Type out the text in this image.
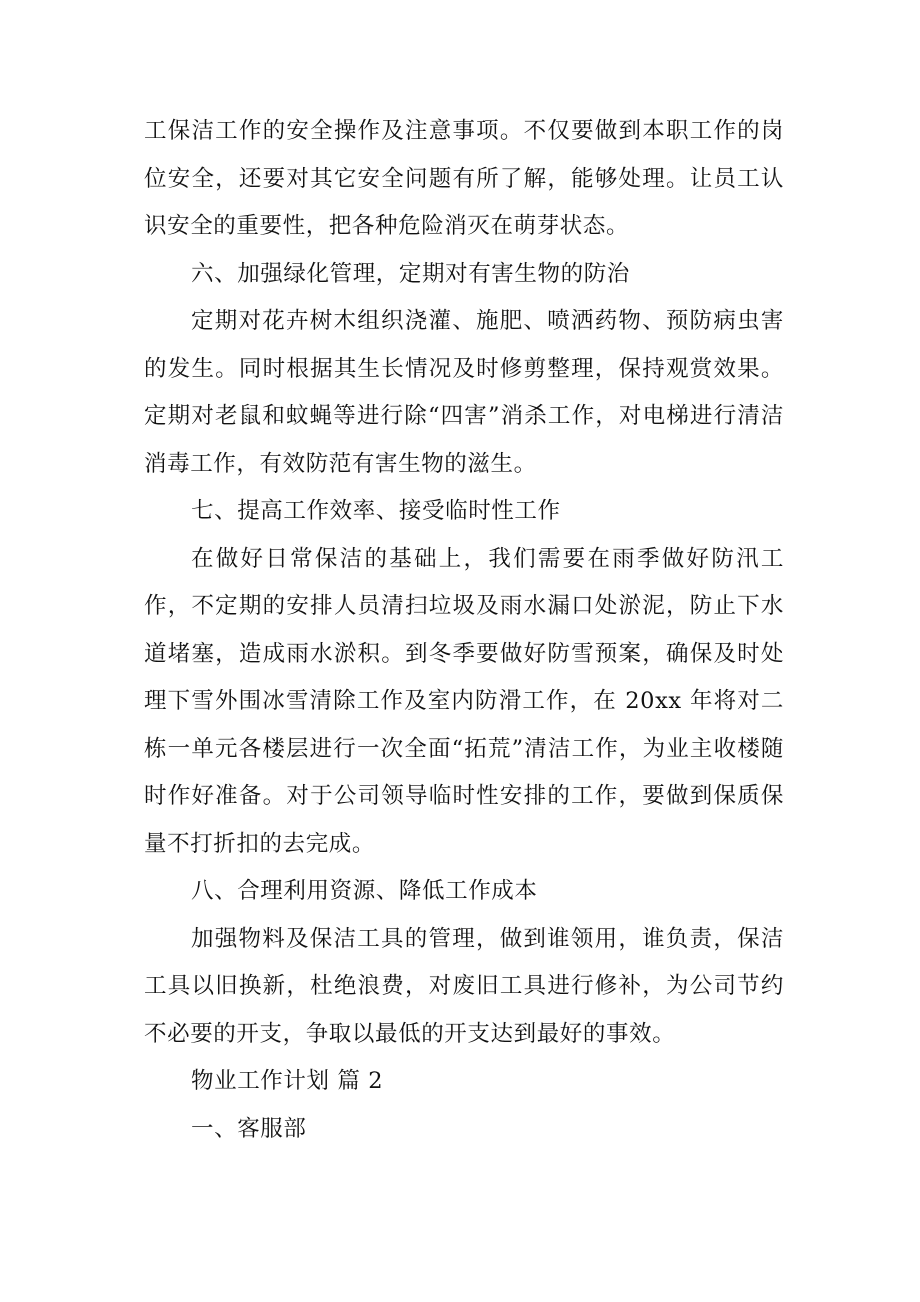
工保洁工作的安全操作及注意事项。不仅要做到本职工作的岗位安全，还要对其它安全问题有所了解，能够处理。让员工认识安全的重要性，把各种危险消灭在萌芽状态。

六、加强绿化管理，定期对有害生物的防治

定期对花卉树木组织浇灌、施肥、喷洒药物、预防病虫害的发生。同时根据其生长情况及时修剪整理，保持观赏效果。定期对老鼠和蚊蝇等进行除“四害”消杀工作，对电梯进行清洁消毒工作，有效防范有害生物的滋生。

七、提高工作效率、接受临时性工作

在做好日常保洁的基础上，我们需要在雨季做好防汛工作，不定期的安排人员清扫垃圾及雨水漏口处淤泥，防止下水道堵塞，造成雨水淤积。到冬季要做好防雪预案，确保及时处理下雪外围冰雪清除工作及室内防滑工作，在 20xx 年将对二栋一单元各楼层进行一次全面“拓荒”清洁工作，为业主收楼随时作好准备。对于公司领导临时性安排的工作，要做到保质保量不打折扣的去完成。

八、合理利用资源、降低工作成本

加强物料及保洁工具的管理，做到谁领用，谁负责，保洁工具以旧换新，杜绝浪费，对废旧工具进行修补，为公司节约不必要的开支，争取以最低的开支达到最好的事效。

物业工作计划 篇 2

一、客服部
